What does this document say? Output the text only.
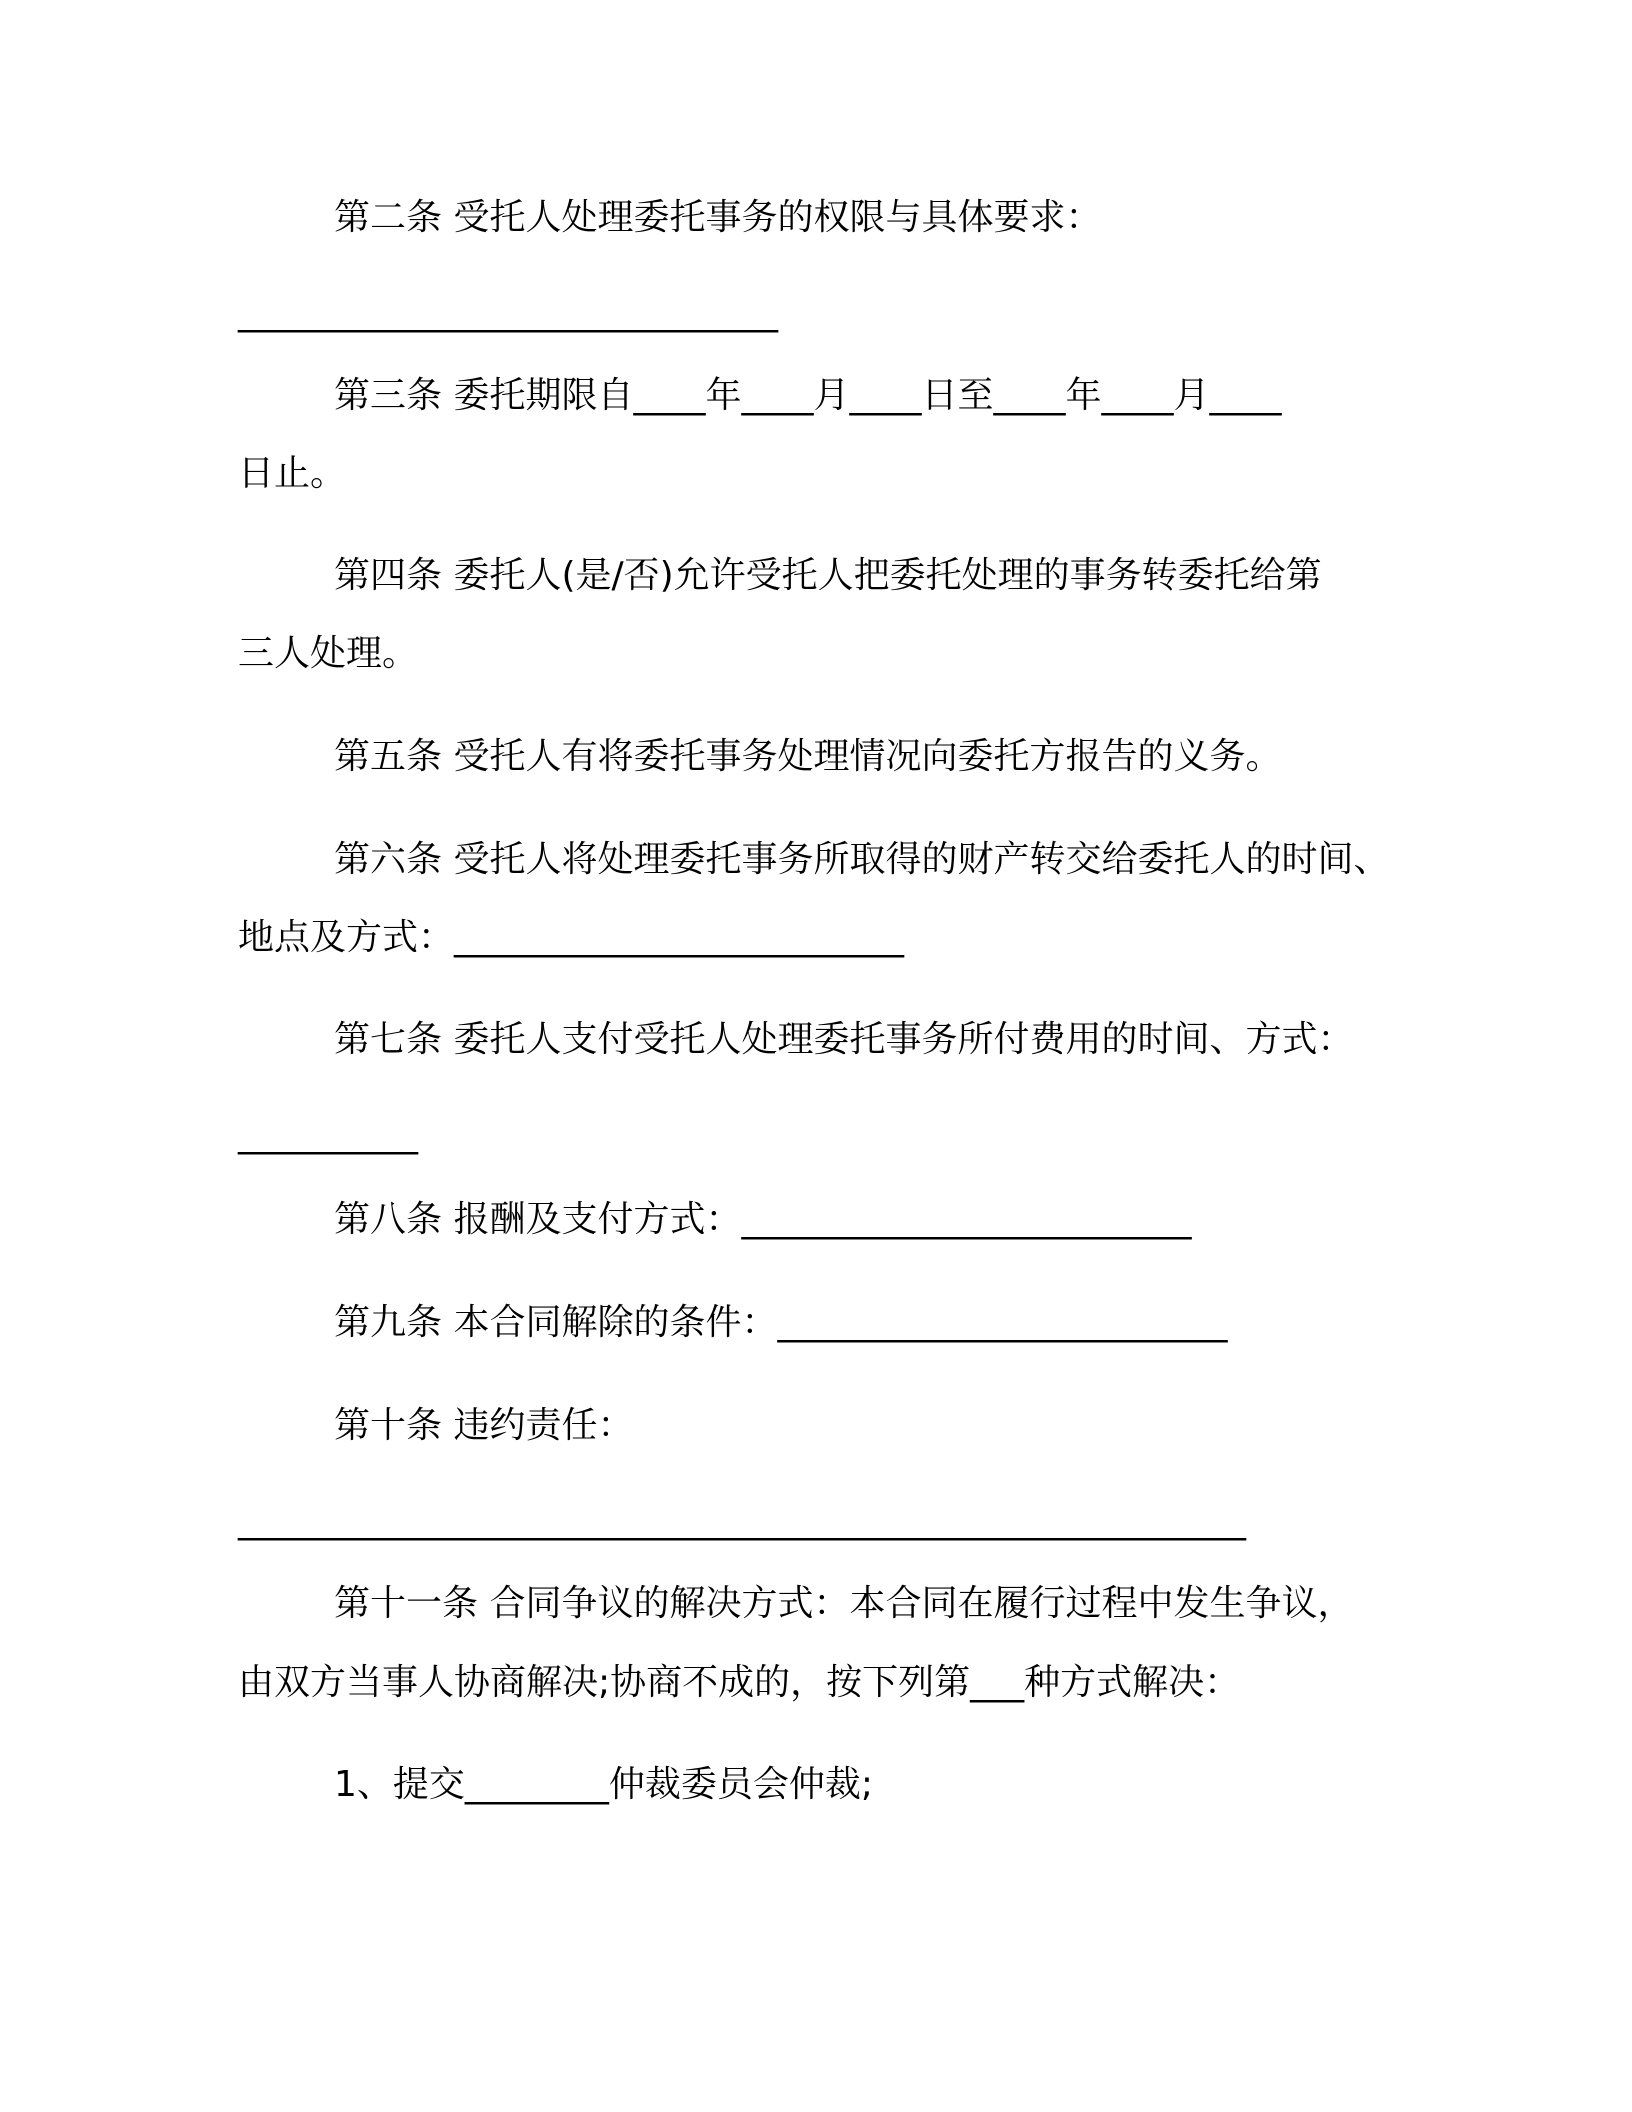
第二条 受托人处理委托事务的权限与具体要求：
______________________________
第三条 委托期限自____年____月____日至____年____月____
日止。
第四条 委托人(是/否)允许受托人把委托处理的事务转委托给第
三人处理。
第五条 受托人有将委托事务处理情况向委托方报告的义务。
第六条 受托人将处理委托事务所取得的财产转交给委托人的时间、
地点及方式：_________________________
第七条 委托人支付受托人处理委托事务所付费用的时间、方式：
__________
第八条 报酬及支付方式：_________________________
第九条 本合同解除的条件：_________________________
第十条 违约责任：
________________________________________________________
第十一条 合同争议的解决方式：本合同在履行过程中发生争议，
由双方当事人协商解决;协商不成的，按下列第___种方式解决：
1、提交________仲裁委员会仲裁;
